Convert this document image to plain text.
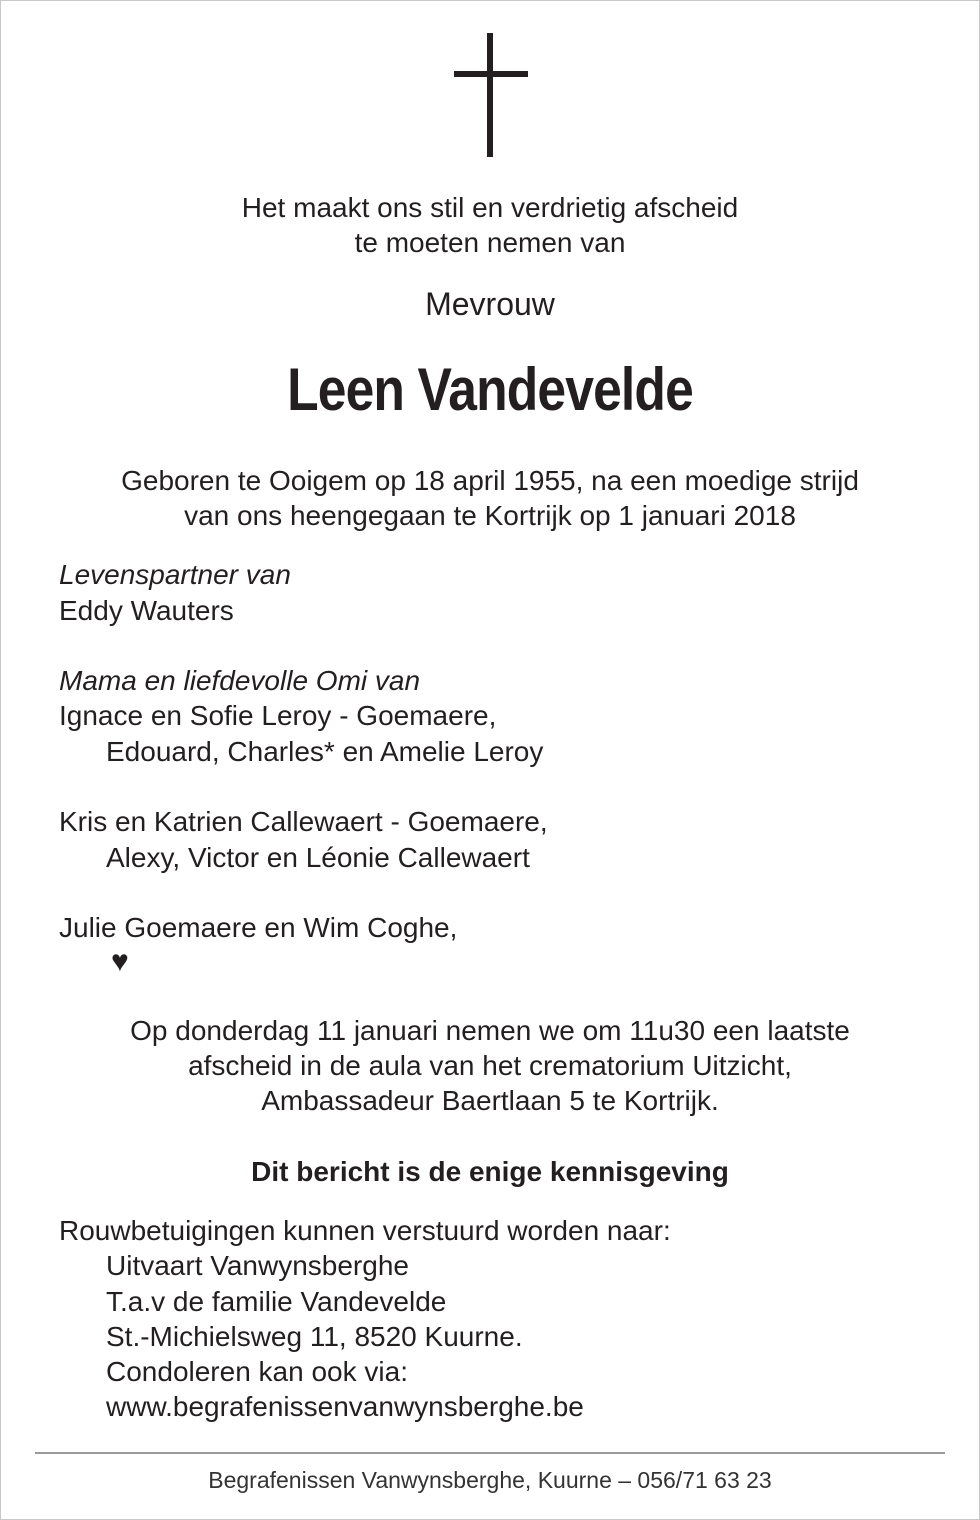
Het maakt ons stil en verdrietig afscheid
te moeten nemen van
Mevrouw
Leen Vandevelde
Geboren te Ooigem op 18 april 1955, na een moedige strijd
van ons heengegaan te Kortrijk op 1 januari 2018
Levenspartner van
Eddy Wauters
Mama en liefdevolle Omi van
Ignace en Sofie Leroy - Goemaere,
Edouard, Charles* en Amelie Leroy
Kris en Katrien Callewaert - Goemaere,
Alexy, Victor en Léonie Callewaert
Julie Goemaere en Wim Coghe,
♥
Op donderdag 11 januari nemen we om 11u30 een laatste
afscheid in de aula van het crematorium Uitzicht,
Ambassadeur Baertlaan 5 te Kortrijk.
Dit bericht is de enige kennisgeving
Rouwbetuigingen kunnen verstuurd worden naar:
Uitvaart Vanwynsberghe
T.a.v de familie Vandevelde
St.-Michielsweg 11, 8520 Kuurne.
Condoleren kan ook via:
www.begrafenissenvanwynsberghe.be
Begrafenissen Vanwynsberghe, Kuurne – 056/71 63 23
